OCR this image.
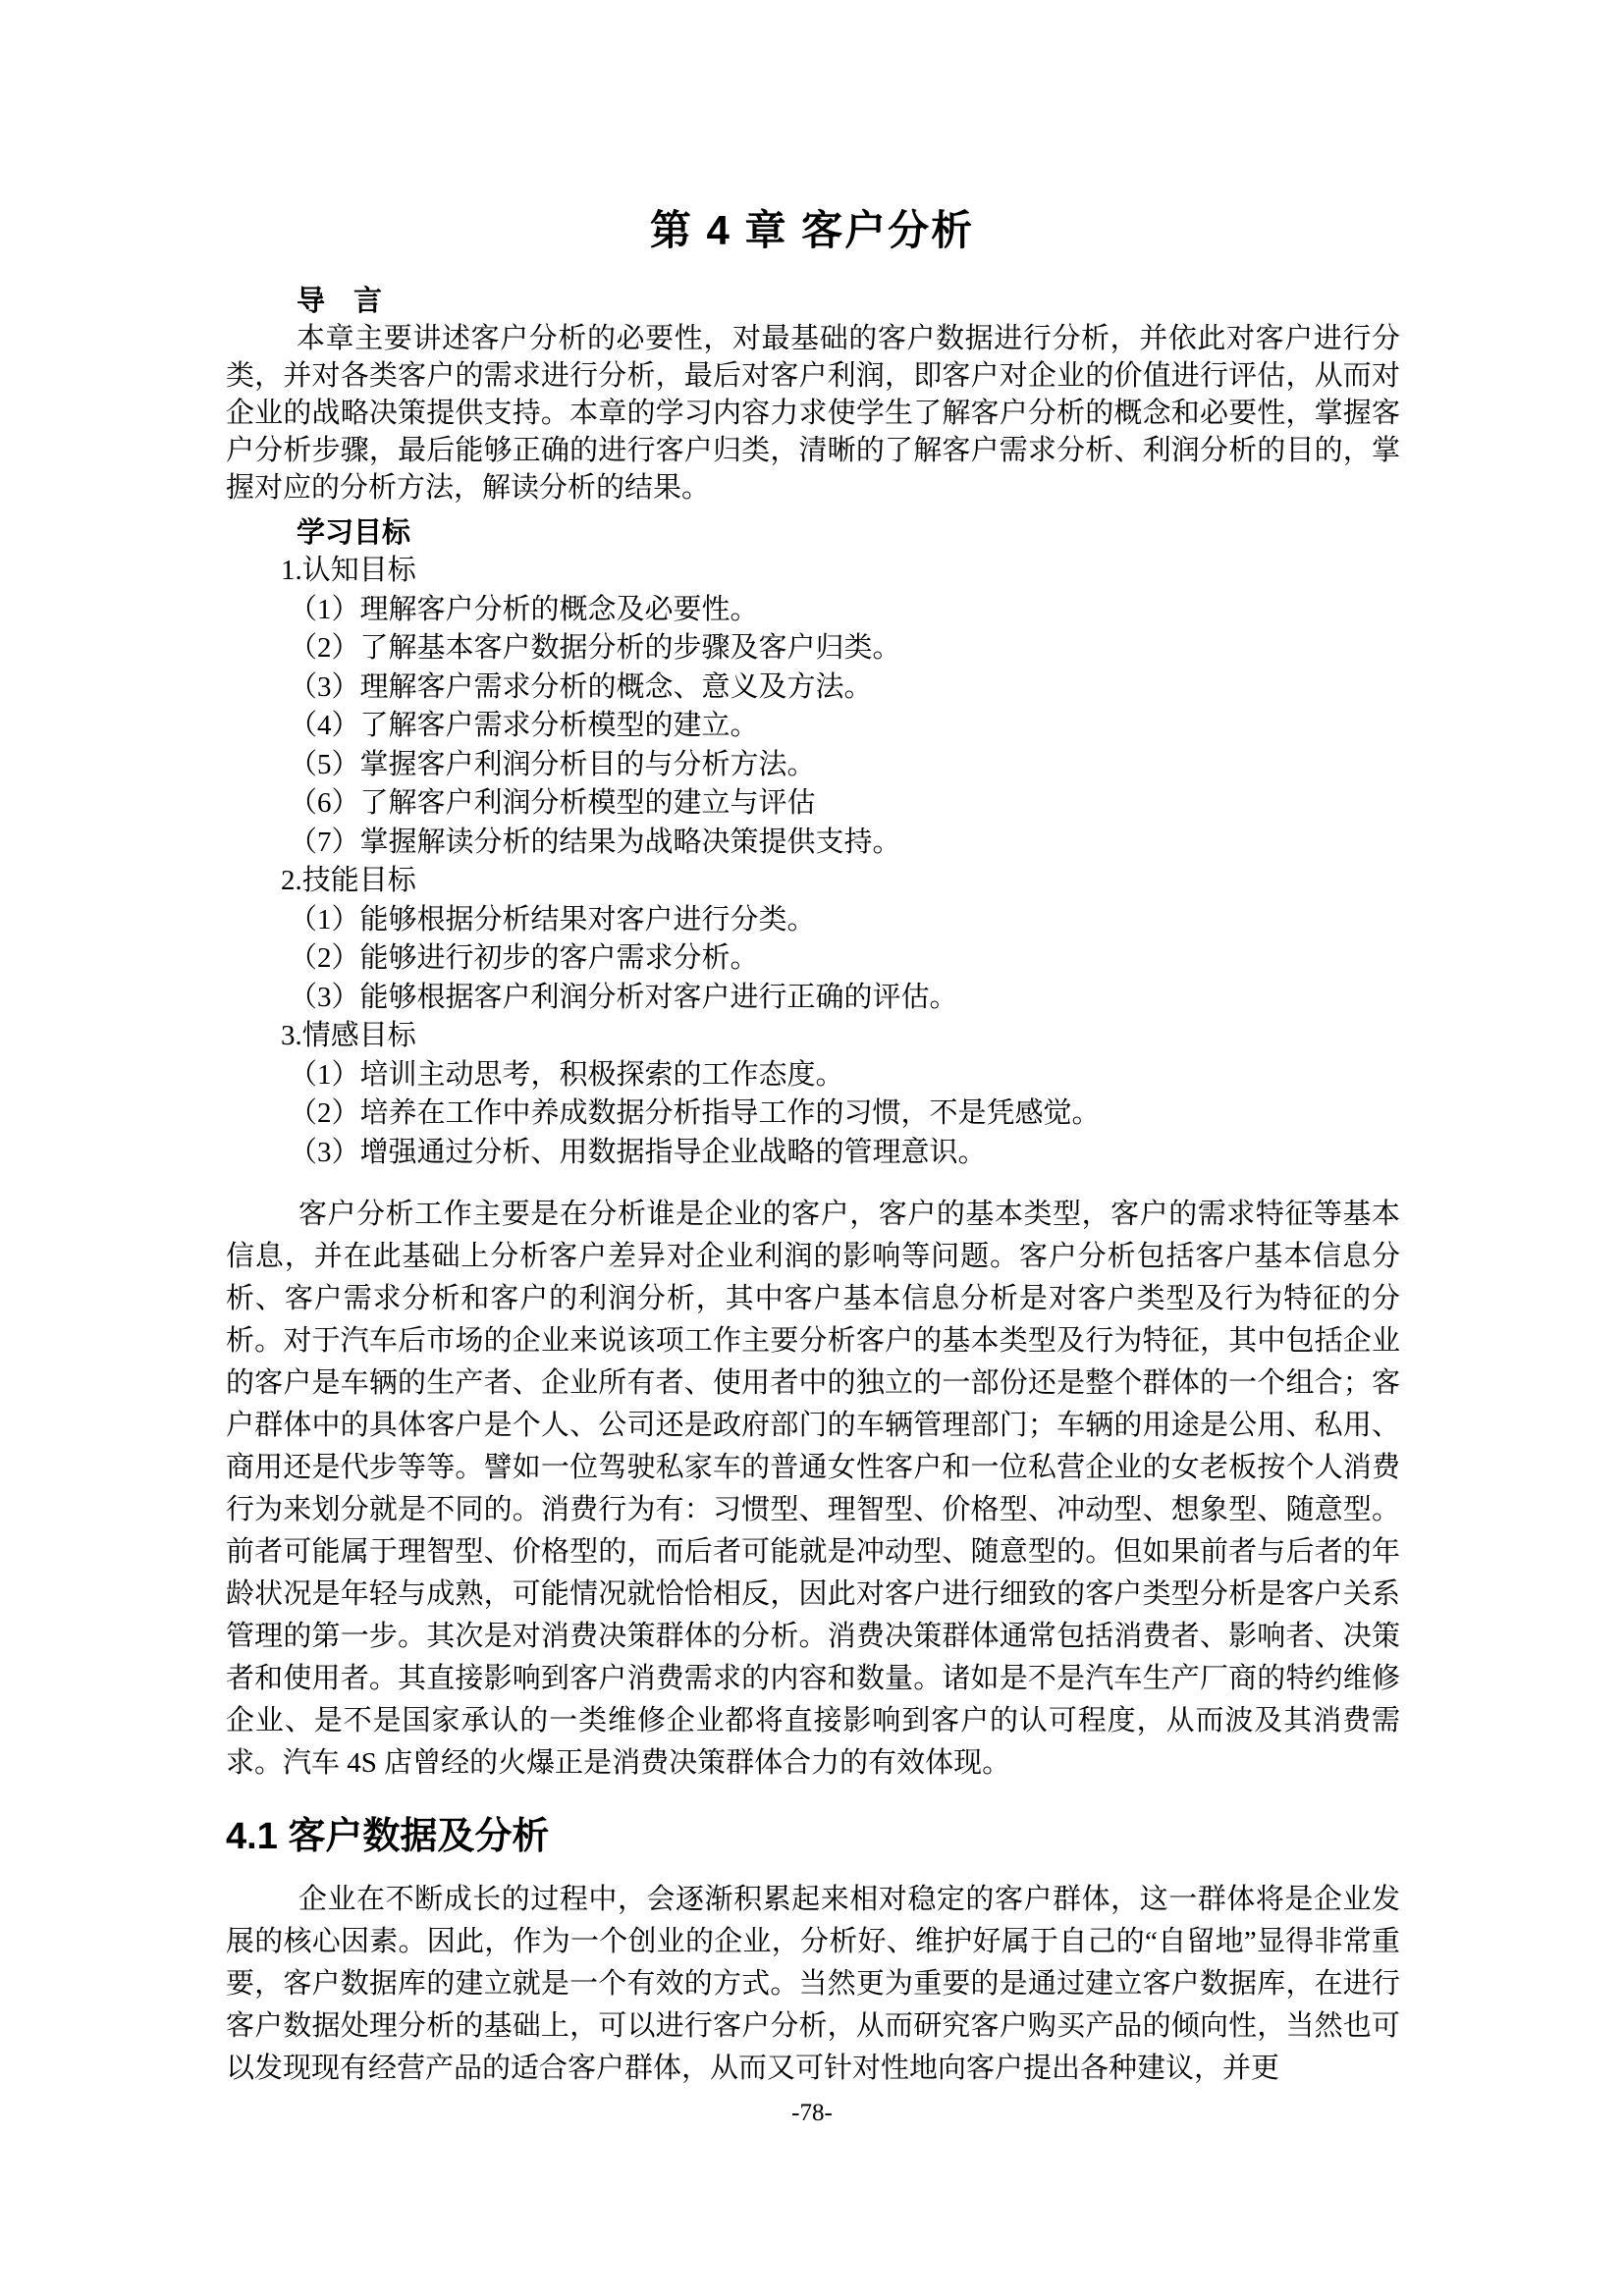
第 4 章 客户分析

导　言

本章主要讲述客户分析的必要性，对最基础的客户数据进行分析，并依此对客户进行分类，并对各类客户的需求进行分析，最后对客户利润，即客户对企业的价值进行评估，从而对企业的战略决策提供支持。本章的学习内容力求使学生了解客户分析的概念和必要性，掌握客户分析步骤，最后能够正确的进行客户归类，清晰的了解客户需求分析、利润分析的目的，掌握对应的分析方法，解读分析的结果。

学习目标

1.认知目标

（1）理解客户分析的概念及必要性。

（2）了解基本客户数据分析的步骤及客户归类。

（3）理解客户需求分析的概念、意义及方法。

（4）了解客户需求分析模型的建立。

（5）掌握客户利润分析目的与分析方法。

（6）了解客户利润分析模型的建立与评估

（7）掌握解读分析的结果为战略决策提供支持。

2.技能目标

（1）能够根据分析结果对客户进行分类。

（2）能够进行初步的客户需求分析。

（3）能够根据客户利润分析对客户进行正确的评估。

3.情感目标

（1）培训主动思考，积极探索的工作态度。

（2）培养在工作中养成数据分析指导工作的习惯，不是凭感觉。

（3）增强通过分析、用数据指导企业战略的管理意识。

客户分析工作主要是在分析谁是企业的客户，客户的基本类型，客户的需求特征等基本信息，并在此基础上分析客户差异对企业利润的影响等问题。客户分析包括客户基本信息分析、客户需求分析和客户的利润分析，其中客户基本信息分析是对客户类型及行为特征的分析。对于汽车后市场的企业来说该项工作主要分析客户的基本类型及行为特征，其中包括企业的客户是车辆的生产者、企业所有者、使用者中的独立的一部份还是整个群体的一个组合；客户群体中的具体客户是个人、公司还是政府部门的车辆管理部门；车辆的用途是公用、私用、商用还是代步等等。譬如一位驾驶私家车的普通女性客户和一位私营企业的女老板按个人消费行为来划分就是不同的。消费行为有：习惯型、理智型、价格型、冲动型、想象型、随意型。前者可能属于理智型、价格型的，而后者可能就是冲动型、随意型的。但如果前者与后者的年龄状况是年轻与成熟，可能情况就恰恰相反，因此对客户进行细致的客户类型分析是客户关系管理的第一步。其次是对消费决策群体的分析。消费决策群体通常包括消费者、影响者、决策者和使用者。其直接影响到客户消费需求的内容和数量。诸如是不是汽车生产厂商的特约维修企业、是不是国家承认的一类维修企业都将直接影响到客户的认可程度，从而波及其消费需求。汽车 4S 店曾经的火爆正是消费决策群体合力的有效体现。

4.1 客户数据及分析

企业在不断成长的过程中，会逐渐积累起来相对稳定的客户群体，这一群体将是企业发展的核心因素。因此，作为一个创业的企业，分析好、维护好属于自己的“自留地”显得非常重要，客户数据库的建立就是一个有效的方式。当然更为重要的是通过建立客户数据库，在进行客户数据处理分析的基础上，可以进行客户分析，从而研究客户购买产品的倾向性，当然也可以发现现有经营产品的适合客户群体，从而又可针对性地向客户提出各种建议，并更

-78-
